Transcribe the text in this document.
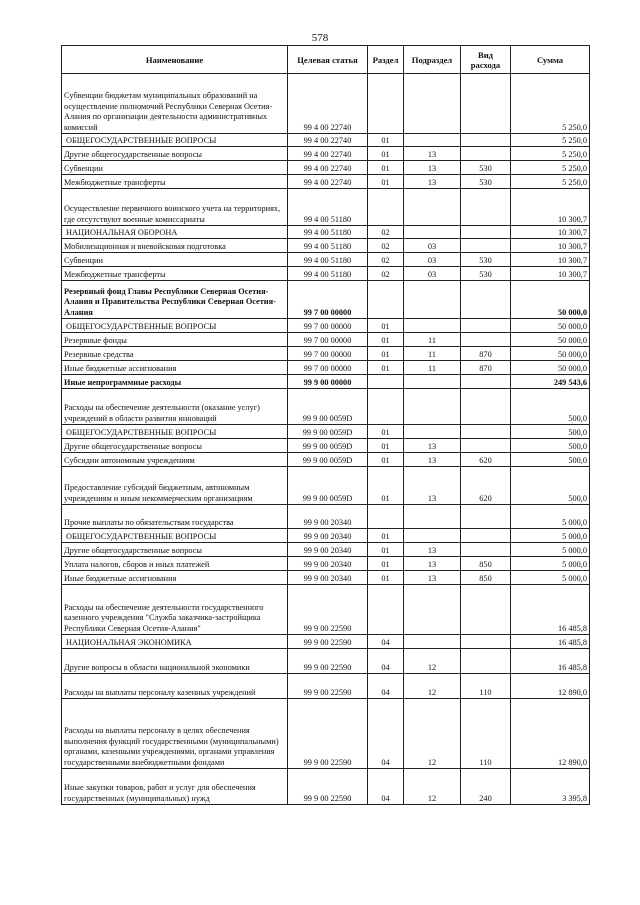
578
Наименование	Целевая статья	Раздел	Подраздел	Вид расхода	Сумма
Субвенции бюджетам муниципальных образований на осуществление полномочий Республики Северная Осетия-Алания по организации деятельности административных комиссий	99 4 00 22740				5 250,0
ОБЩЕГОСУДАРСТВЕННЫЕ ВОПРОСЫ	99 4 00 22740	01			5 250,0
Другие общегосударственные вопросы	99 4 00 22740	01	13		5 250,0
Субвенции	99 4 00 22740	01	13	530	5 250,0
Межбюджетные трансферты	99 4 00 22740	01	13	530	5 250,0
Осуществление первичного воинского учета на территориях, где отсутствуют военные комиссариаты	99 4 00 51180				10 300,7
НАЦИОНАЛЬНАЯ ОБОРОНА	99 4 00 51180	02			10 300,7
Мобилизационная и вневойсковая подготовка	99 4 00 51180	02	03		10 300,7
Субвенции	99 4 00 51180	02	03	530	10 300,7
Межбюджетные трансферты	99 4 00 51180	02	03	530	10 300,7
Резервный фонд Главы Республики Северная Осетия-Алания и Правительства Республики Северная Осетия-Алания	99 7 00 00000				50 000,0
ОБЩЕГОСУДАРСТВЕННЫЕ ВОПРОСЫ	99 7 00 00000	01			50 000,0
Резервные фонды	99 7 00 00000	01	11		50 000,0
Резервные средства	99 7 00 00000	01	11	870	50 000,0
Иные бюджетные ассигнования	99 7 00 00000	01	11	870	50 000,0
Иные непрограммные расходы	99 9 00 00000				249 543,6
Расходы на обеспечение деятельности (оказание услуг) учреждений в области развития инноваций	99 9 00 0059D				500,0
ОБЩЕГОСУДАРСТВЕННЫЕ ВОПРОСЫ	99 9 00 0059D	01			500,0
Другие общегосударственные вопросы	99 9 00 0059D	01	13		500,0
Субсидии автономным учреждениям	99 9 00 0059D	01	13	620	500,0
Предоставление субсидий бюджетным, автономным учреждениям и иным некоммерческим организациям	99 9 00 0059D	01	13	620	500,0
Прочие выплаты по обязательствам государства	99 9 00 20340				5 000,0
ОБЩЕГОСУДАРСТВЕННЫЕ ВОПРОСЫ	99 9 00 20340	01			5 000,0
Другие общегосударственные вопросы	99 9 00 20340	01	13		5 000,0
Уплата налогов, сборов и иных платежей	99 9 00 20340	01	13	850	5 000,0
Иные бюджетные ассигнования	99 9 00 20340	01	13	850	5 000,0
Расходы на обеспечение деятельности государственного казенного учреждения "Служба заказчика-застройщика Республики Северная Осетия-Алания"	99 9 00 22590				16 485,8
НАЦИОНАЛЬНАЯ ЭКОНОМИКА	99 9 00 22590	04			16 485,8
Другие вопросы в области национальной экономики	99 9 00 22590	04	12		16 485,8
Расходы на выплаты персоналу казенных учреждений	99 9 00 22590	04	12	110	12 890,0
Расходы на выплаты персоналу в целях обеспечения выполнения функций государственными (муниципальными) органами, казенными учреждениями, органами управления государственными внебюджетными фондами	99 9 00 22590	04	12	110	12 890,0
Иные закупки товаров, работ и услуг для обеспечения государственных (муниципальных) нужд	99 9 00 22590	04	12	240	3 395,8
